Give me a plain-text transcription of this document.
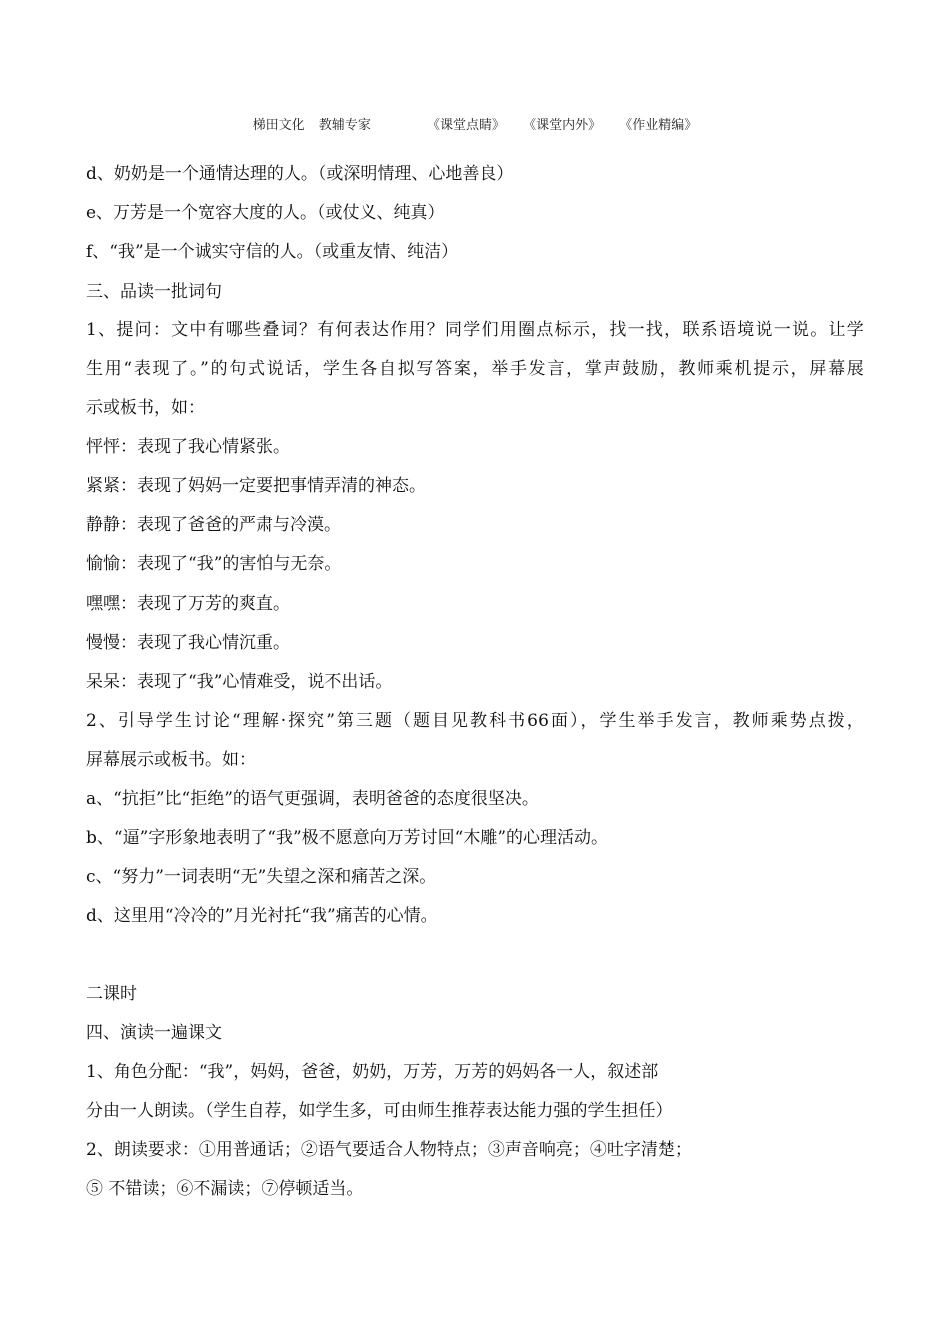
梯田文化 教辅专家	《课堂点睛》 《课堂内外》 《作业精编》
d、奶奶是一个通情达理的人。（或深明情理、心地善良）
e、万芳是一个宽容大度的人。（或仗义、纯真）
f、“我”是一个诚实守信的人。（或重友情、纯洁）
三、品读一批词句
1、提问：文中有哪些叠词？有何表达作用？同学们用圈点标示，找一找，联系语境说一说。让学
生用“表现了。”的句式说话，学生各自拟写答案，举手发言，掌声鼓励，教师乘机提示，屏幕展
示或板书，如：
怦怦：表现了我心情紧张。
紧紧：表现了妈妈一定要把事情弄清的神态。
静静：表现了爸爸的严肃与冷漠。
愉愉：表现了“我”的害怕与无奈。
嘿嘿：表现了万芳的爽直。
慢慢：表现了我心情沉重。
呆呆：表现了“我”心情难受，说不出话。
2、引导学生讨论“理解·探究”第三题（题目见教科书66面），学生举手发言，教师乘势点拨，
屏幕展示或板书。如：
a、“抗拒”比“拒绝”的语气更强调，表明爸爸的态度很坚决。
b、“逼”字形象地表明了“我”极不愿意向万芳讨回“木雕”的心理活动。
c、“努力”一词表明“无”失望之深和痛苦之深。
d、这里用“冷冷的”月光衬托“我”痛苦的心情。
二课时
四、演读一遍课文
1、角色分配：“我”，妈妈，爸爸，奶奶，万芳，万芳的妈妈各一人，叙述部
分由一人朗读。（学生自荐，如学生多，可由师生推荐表达能力强的学生担任）
2、朗读要求：①用普通话；②语气要适合人物特点；③声音响亮；④吐字清楚；
⑤ 不错读；⑥不漏读；⑦停顿适当。
